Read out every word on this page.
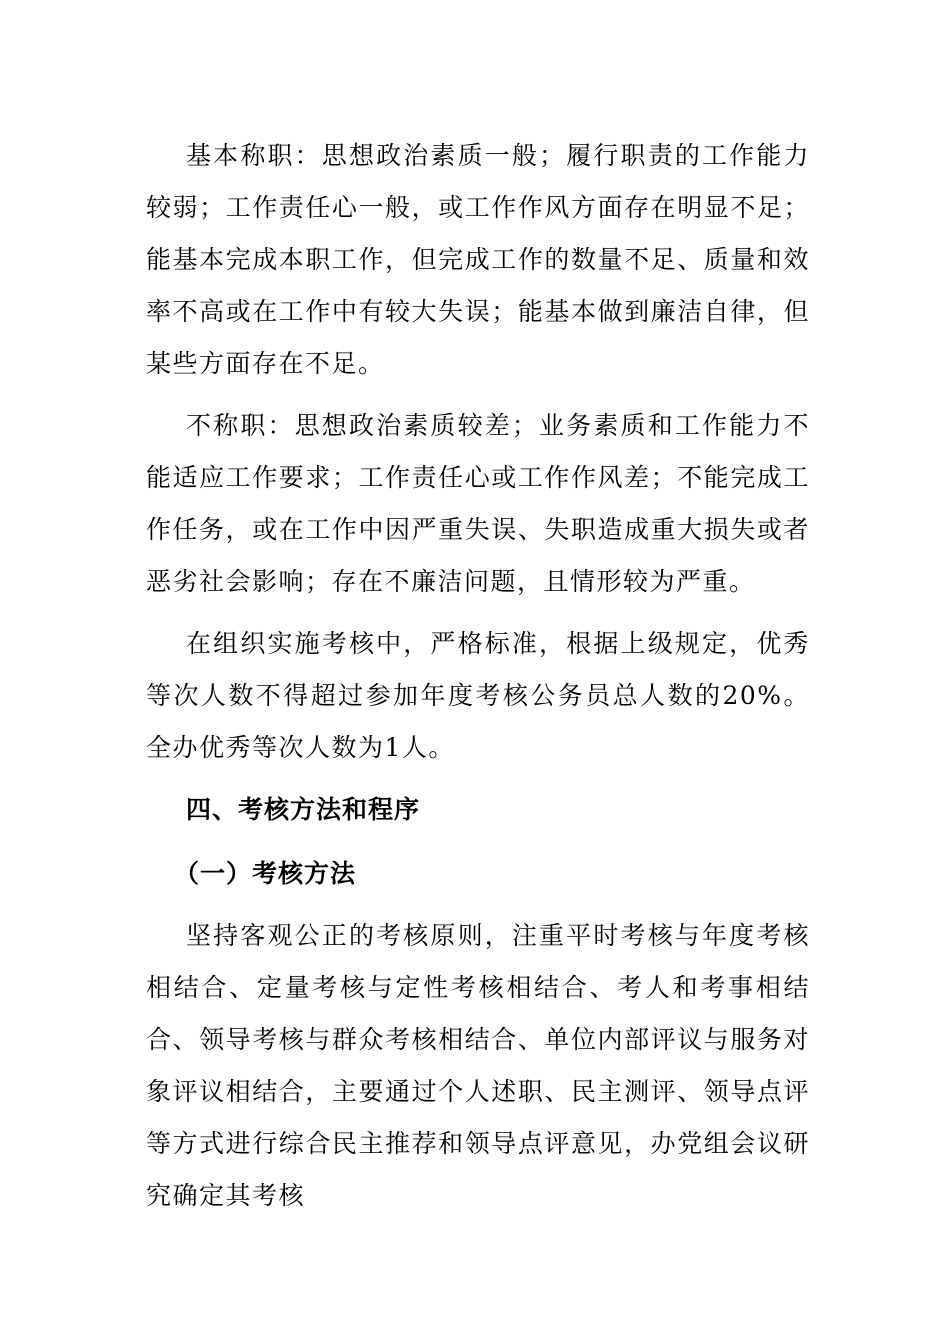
基本称职：思想政治素质一般；履行职责的工作能力较弱；工作责任心一般，或工作作风方面存在明显不足；能基本完成本职工作，但完成工作的数量不足、质量和效率不高或在工作中有较大失误；能基本做到廉洁自律，但某些方面存在不足。

不称职：思想政治素质较差；业务素质和工作能力不能适应工作要求；工作责任心或工作作风差；不能完成工作任务，或在工作中因严重失误、失职造成重大损失或者恶劣社会影响；存在不廉洁问题，且情形较为严重。

在组织实施考核中，严格标准，根据上级规定，优秀等次人数不得超过参加年度考核公务员总人数的20%。全办优秀等次人数为1人。

四、考核方法和程序
（一）考核方法

坚持客观公正的考核原则，注重平时考核与年度考核相结合、定量考核与定性考核相结合、考人和考事相结合、领导考核与群众考核相结合、单位内部评议与服务对象评议相结合，主要通过个人述职、民主测评、领导点评等方式进行综合民主推荐和领导点评意见，办党组会议研究确定其考核
